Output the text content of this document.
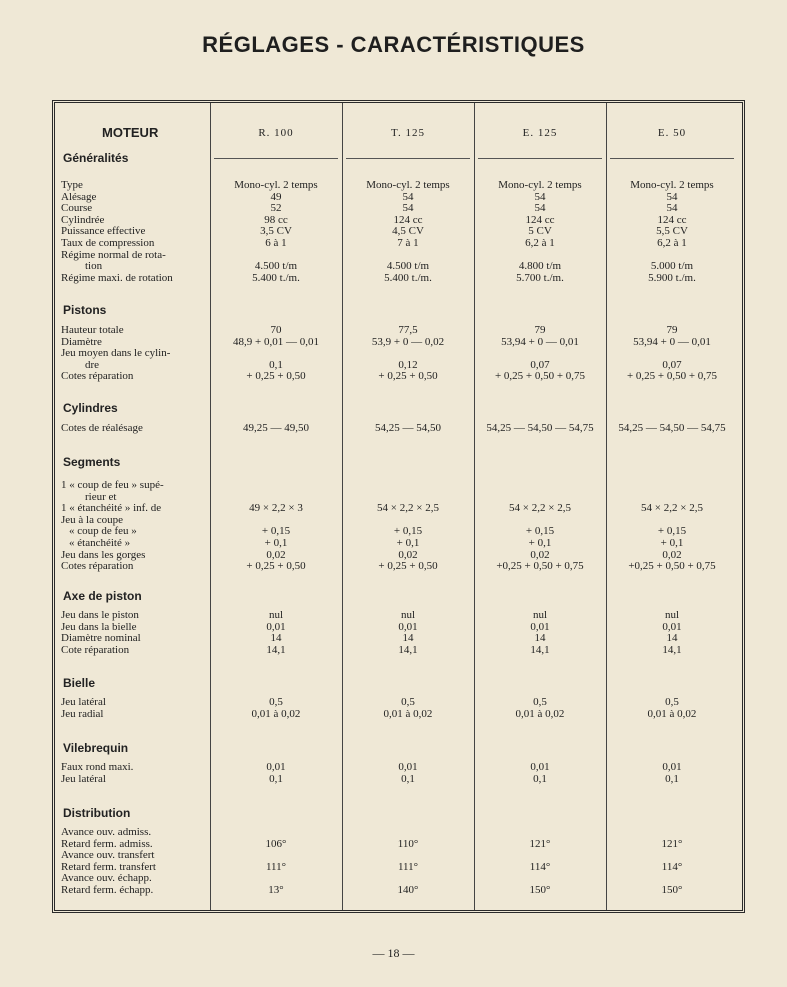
RÉGLAGES - CARACTÉRISTIQUES
MOTEUR	R. 100	T. 125	E. 125	E. 50
Généralités
Type	Mono-cyl. 2 temps	Mono-cyl. 2 temps	Mono-cyl. 2 temps	Mono-cyl. 2 temps
Alésage	49	54	54	54
Course	52	54	54	54
Cylindrée	98 cc	124 cc	124 cc	124 cc
Puissance effective	3,5 CV	4,5 CV	5 CV	5,5 CV
Taux de compression	6 à 1	7 à 1	6,2 à 1	6,2 à 1
Régime normal de rota-
tion	4.500 t/m	4.500 t/m	4.800 t/m	5.000 t/m
Régime maxi. de rotation	5.400 t./m.	5.400 t./m.	5.700 t./m.	5.900 t./m.
Pistons
Hauteur totale	70	77,5	79	79
Diamètre	48,9 + 0,01 — 0,01	53,9 + 0 — 0,02	53,94 + 0 — 0,01	53,94 + 0 — 0,01
Jeu moyen dans le cylin-
dre	0,1	0,12	0,07	0,07
Cotes réparation	+ 0,25 + 0,50	+ 0,25 + 0,50	+ 0,25 + 0,50 + 0,75	+ 0,25 + 0,50 + 0,75
Cylindres
Cotes de réalésage	49,25 — 49,50	54,25 — 54,50	54,25 — 54,50 — 54,75	54,25 — 54,50 — 54,75
Segments
1 « coup de feu » supé-
rieur et
1 « étanchéité » inf. de	49 × 2,2 × 3	54 × 2,2 × 2,5	54 × 2,2 × 2,5	54 × 2,2 × 2,5
Jeu à la coupe
« coup de feu »	+ 0,15	+ 0,15	+ 0,15	+ 0,15
« étanchéité »	+ 0,1	+ 0,1	+ 0,1	+ 0,1
Jeu dans les gorges	0,02	0,02	0,02	0,02
Cotes réparation	+ 0,25 + 0,50	+ 0,25 + 0,50	+0,25 + 0,50 + 0,75	+0,25 + 0,50 + 0,75
Axe de piston
Jeu dans le piston	nul	nul	nul	nul
Jeu dans la bielle	0,01	0,01	0,01	0,01
Diamètre nominal	14	14	14	14
Cote réparation	14,1	14,1	14,1	14,1
Bielle
Jeu latéral	0,5	0,5	0,5	0,5
Jeu radial	0,01 à 0,02	0,01 à 0,02	0,01 à 0,02	0,01 à 0,02
Vilebrequin
Faux rond maxi.	0,01	0,01	0,01	0,01
Jeu latéral	0,1	0,1	0,1	0,1
Distribution
Avance ouv. admiss.
Retard ferm. admiss.	106°	110°	121°	121°
Avance ouv. transfert
Retard ferm. transfert	111°	111°	114°	114°
Avance ouv. échapp.
Retard ferm. échapp.	13°	140°	150°	150°
— 18 —
